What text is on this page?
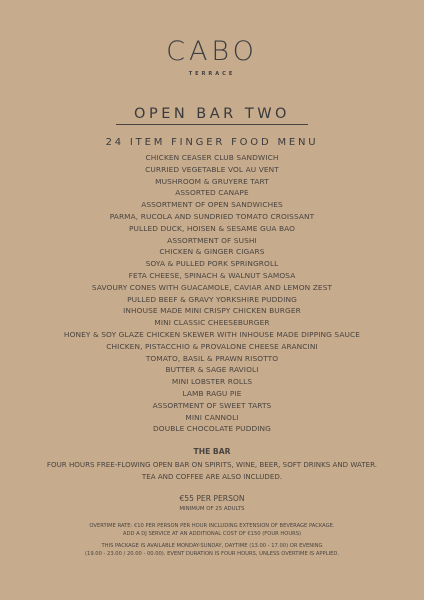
CABO
TERRACE
OPEN BAR TWO
24 ITEM FINGER FOOD MENU
CHICKEN CEASER CLUB SANDWICH
CURRIED VEGETABLE VOL AU VENT
MUSHROOM & GRUYERE TART
ASSORTED CANAPE
ASSORTMENT OF OPEN SANDWICHES
PARMA, RUCOLA AND SUNDRIED TOMATO CROISSANT
PULLED DUCK, HOISEN & SESAME GUA BAO
ASSORTMENT OF SUSHI
CHICKEN & GINGER CIGARS
SOYA & PULLED PORK SPRINGROLL
FETA CHEESE, SPINACH & WALNUT SAMOSA
SAVOURY CONES WITH GUACAMOLE, CAVIAR AND LEMON ZEST
PULLED BEEF & GRAVY YORKSHIRE PUDDING
INHOUSE MADE MINI CRISPY CHICKEN BURGER
MINI CLASSIC CHEESEBURGER
HONEY & SOY GLAZE CHICKEN SKEWER WITH INHOUSE MADE DIPPING SAUCE
CHICKEN, PISTACCHIO & PROVALONE CHEESE ARANCINI
TOMATO, BASIL & PRAWN RISOTTO
BUTTER & SAGE RAVIOLI
MINI LOBSTER ROLLS
LAMB RAGU PIE
ASSORTMENT OF SWEET TARTS
MINI CANNOLI
DOUBLE CHOCOLATE PUDDING
THE BAR
FOUR HOURS FREE-FLOWING OPEN BAR ON SPIRITS, WINE, BEER, SOFT DRINKS AND WATER.
TEA AND COFFEE ARE ALSO INCLUDED.
€55 PER PERSON
MINIMUM OF 25 ADULTS
OVERTIME RATE: €10 PER PERSON PER HOUR INCLUDING EXTENSION OF BEVERAGE PACKAGE.
ADD A DJ SERVICE AT AN ADDITIONAL COST OF €150 (FOUR HOURS)
THIS PACKAGE IS AVAILABLE MONDAY-SUNDAY, DAYTIME (13.00 - 17.00) OR EVENING
(19.00 - 23.00 / 20.00 - 00.00). EVENT DURATION IS FOUR HOURS, UNLESS OVERTIME IS APPLIED.
